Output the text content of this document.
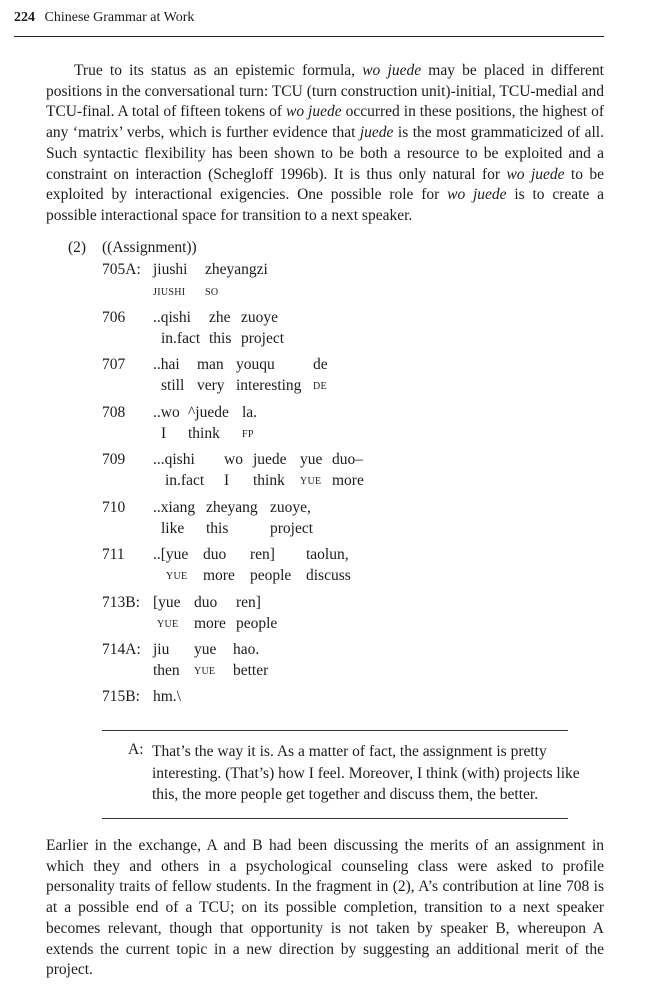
224 Chinese Grammar at Work

True to its status as an epistemic formula, wo juede may be placed in different positions in the conversational turn: TCU (turn construction unit)-initial, TCU-medial and TCU-final. A total of fifteen tokens of wo juede occurred in these positions, the highest of any ‘matrix’ verbs, which is further evidence that juede is the most grammaticized of all. Such syntactic flexibility has been shown to be both a resource to be exploited and a constraint on interaction (Schegloff 1996b). It is thus only natural for wo juede to be exploited by interactional exigencies. One possible role for wo juede is to create a possible interactional space for transition to a next speaker.

(2) ((Assignment))
705A: jiushi zheyangzi
jiushi so
706 ..qishi zhe zuoye
in.fact this project
707 ..hai man youqu de
still very interesting de
708 ..wo ^juede la.
I think fp
709 ...qishi wo juede yue duo–
in.fact I think yue more
710 ..xiang zheyang zuoye,
like this	project
711 ..[yue duo ren] taolun,
yue more people discuss
713B: [yue duo ren]
yue more people
714A: jiu yue hao.
then yue better
715B: hm.\
A: That’s the way it is. As a matter of fact, the assignment is pretty interesting. (That’s) how I feel. Moreover, I think (with) projects like this, the more people get together and discuss them, the better.

Earlier in the exchange, A and B had been discussing the merits of an assignment in which they and others in a psychological counseling class were asked to profile personality traits of fellow students. In the fragment in (2), A’s contribution at line 708 is at a possible end of a TCU; on its possible completion, transition to a next speaker becomes relevant, though that opportunity is not taken by speaker B, whereupon A extends the current topic in a new direction by suggesting an additional merit of the project.
